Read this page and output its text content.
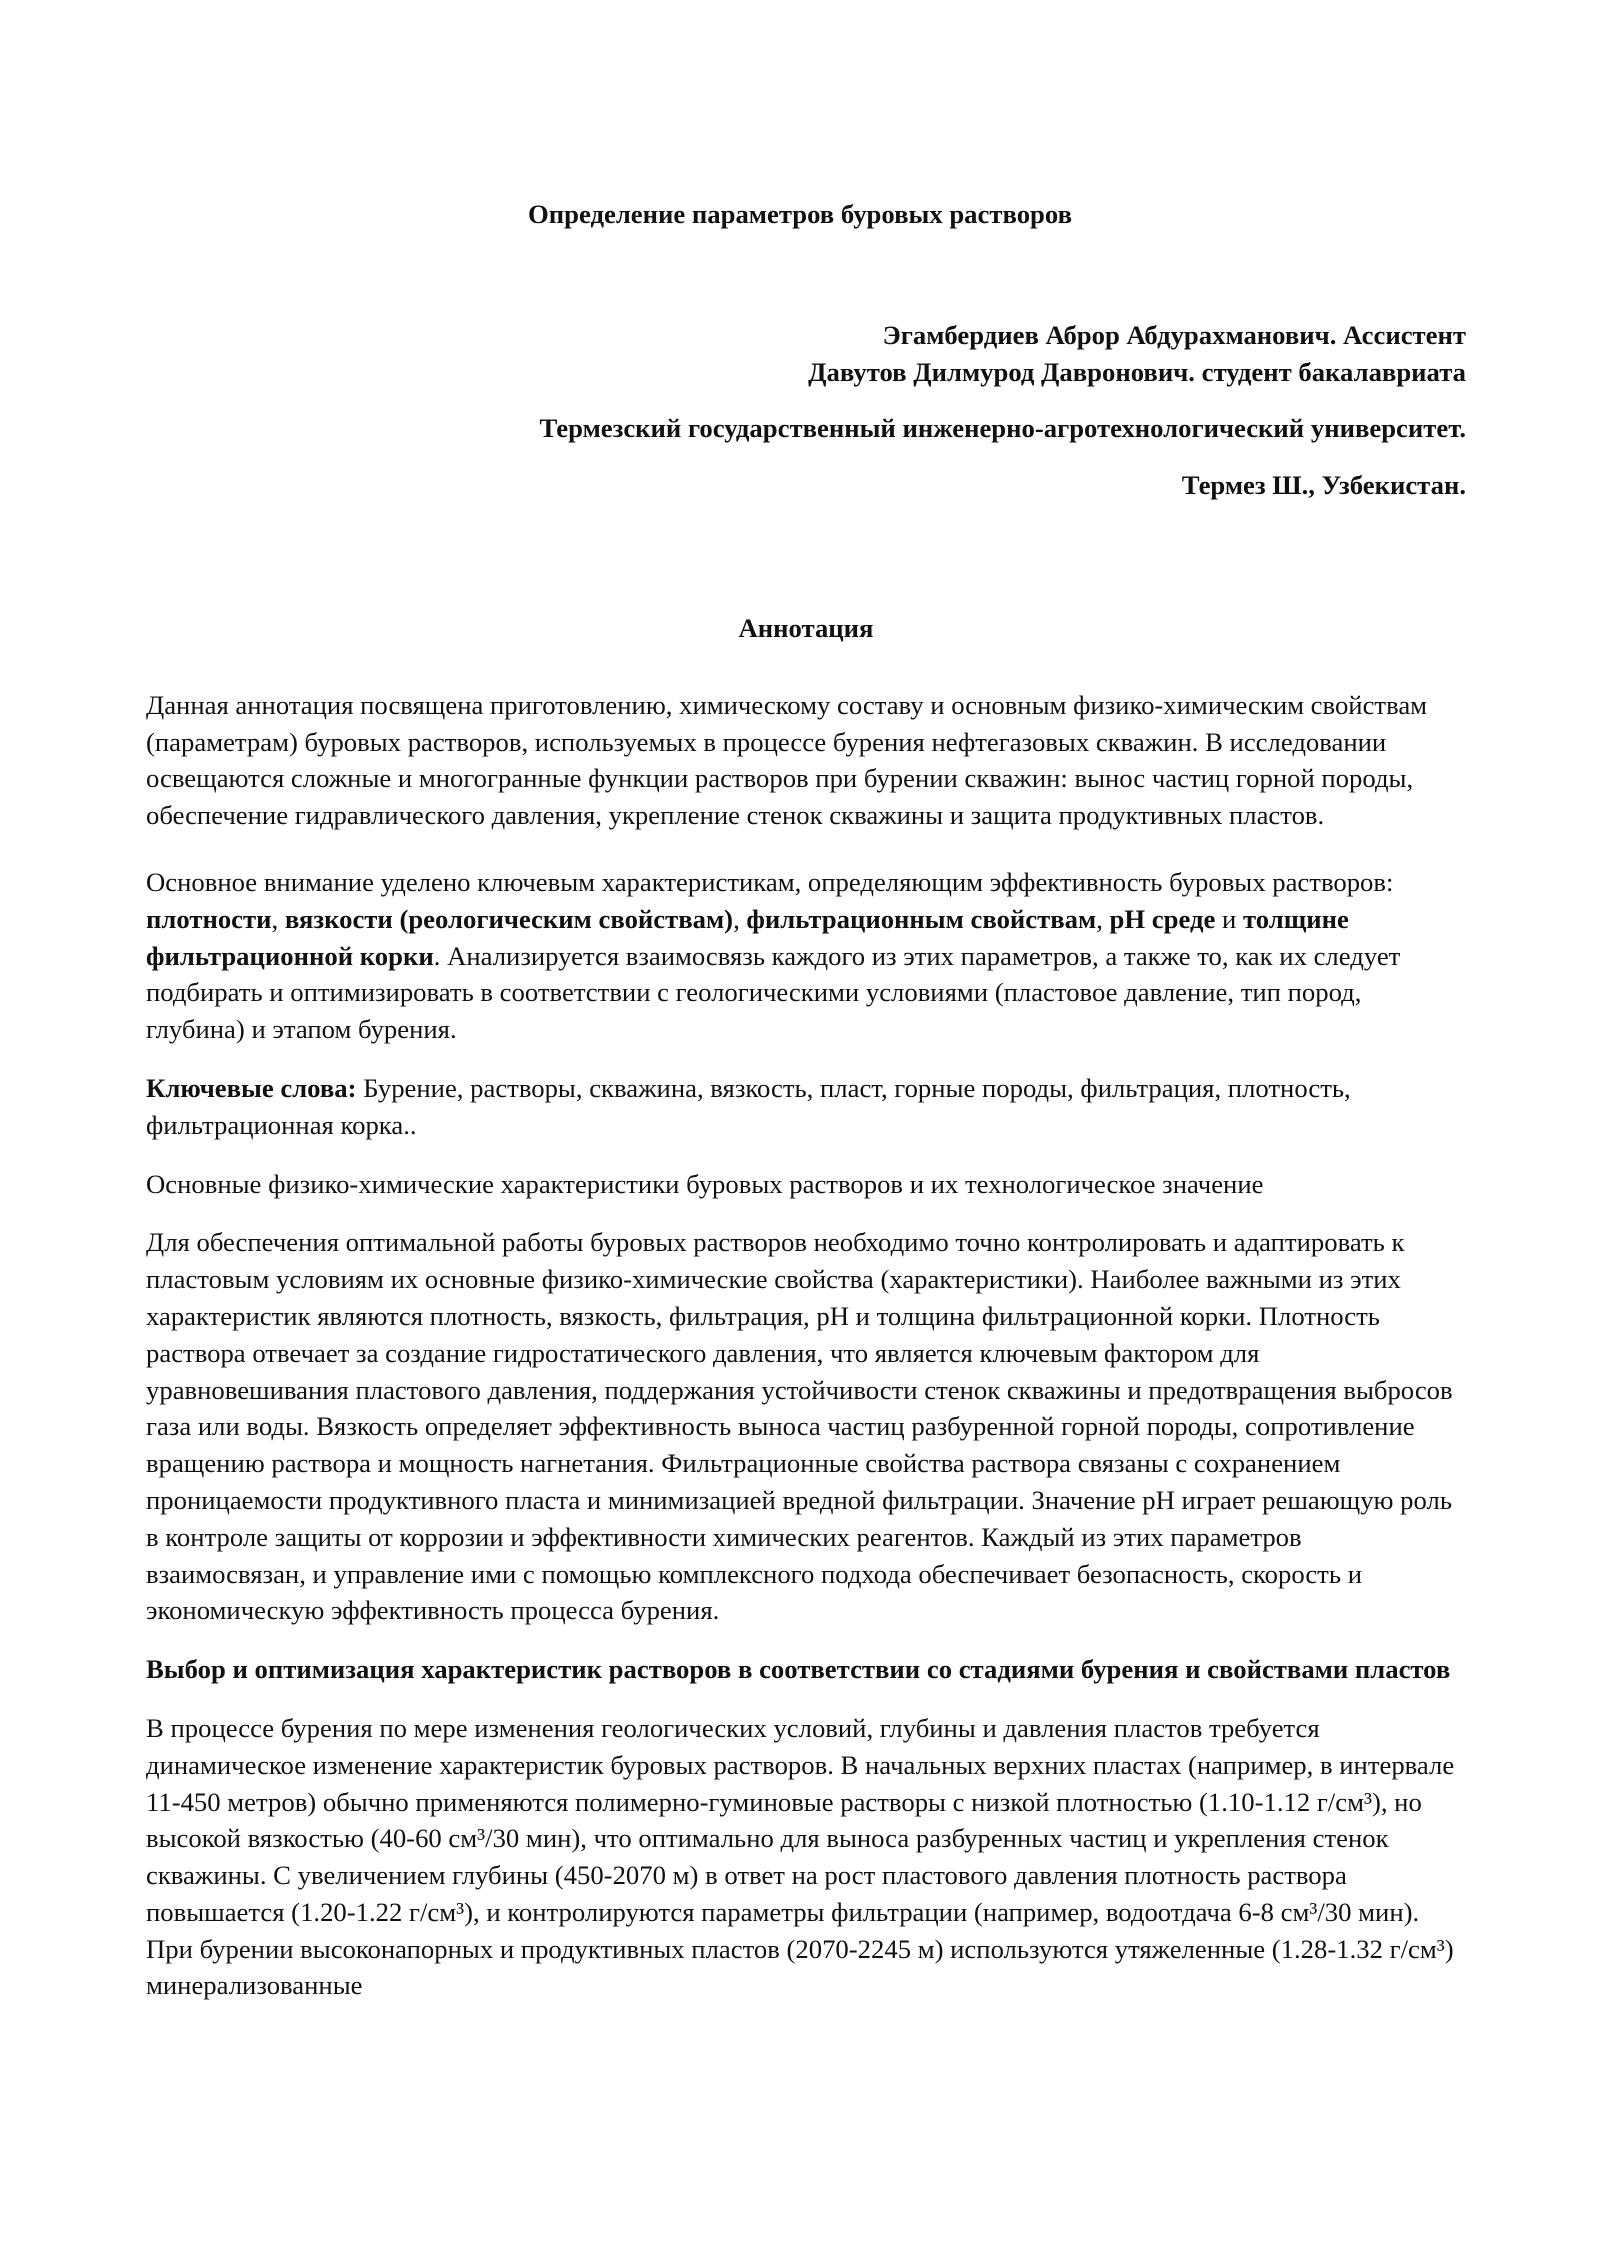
Определение параметров буровых растворов
Эгамбердиев Аброр Абдурахманович. Ассистент
Давутов Дилмурод Давронович. студент бакалавриата
Термезский государственный инженерно-агротехнологический университет.
Термез Ш., Узбекистан.
Аннотация

Данная аннотация посвящена приготовлению, химическому составу и основным физико-химическим свойствам (параметрам) буровых растворов, используемых в процессе бурения нефтегазовых скважин. В исследовании освещаются сложные и многогранные функции растворов при бурении скважин: вынос частиц горной породы, обеспечение гидравлического давления, укрепление стенок скважины и защита продуктивных пластов.

Основное внимание уделено ключевым характеристикам, определяющим эффективность буровых растворов: плотности, вязкости (реологическим свойствам), фильтрационным свойствам, pH среде и толщине фильтрационной корки. Анализируется взаимосвязь каждого из этих параметров, а также то, как их следует подбирать и оптимизировать в соответствии с геологическими условиями (пластовое давление, тип пород, глубина) и этапом бурения.

Ключевые слова: Бурение, растворы, скважина, вязкость, пласт, горные породы, фильтрация, плотность, фильтрационная корка..

Основные физико-химические характеристики буровых растворов и их технологическое значение

Для обеспечения оптимальной работы буровых растворов необходимо точно контролировать и адаптировать к пластовым условиям их основные физико-химические свойства (характеристики). Наиболее важными из этих характеристик являются плотность, вязкость, фильтрация, pH и толщина фильтрационной корки. Плотность раствора отвечает за создание гидростатического давления, что является ключевым фактором для уравновешивания пластового давления, поддержания устойчивости стенок скважины и предотвращения выбросов газа или воды. Вязкость определяет эффективность выноса частиц разбуренной горной породы, сопротивление вращению раствора и мощность нагнетания. Фильтрационные свойства раствора связаны с сохранением проницаемости продуктивного пласта и минимизацией вредной фильтрации. Значение pH играет решающую роль в контроле защиты от коррозии и эффективности химических реагентов. Каждый из этих параметров взаимосвязан, и управление ими с помощью комплексного подхода обеспечивает безопасность, скорость и экономическую эффективность процесса бурения.

Выбор и оптимизация характеристик растворов в соответствии со стадиями бурения и свойствами пластов

В процессе бурения по мере изменения геологических условий, глубины и давления пластов требуется динамическое изменение характеристик буровых растворов. В начальных верхних пластах (например, в интервале 11-450 метров) обычно применяются полимерно-гуминовые растворы с низкой плотностью (1.10-1.12 г/см³), но высокой вязкостью (40-60 см³/30 мин), что оптимально для выноса разбуренных частиц и укрепления стенок скважины. С увеличением глубины (450-2070 м) в ответ на рост пластового давления плотность раствора повышается (1.20-1.22 г/см³), и контролируются параметры фильтрации (например, водоотдача 6-8 см³/30 мин). При бурении высоконапорных и продуктивных пластов (2070-2245 м) используются утяжеленные (1.28-1.32 г/см³) минерализованные
